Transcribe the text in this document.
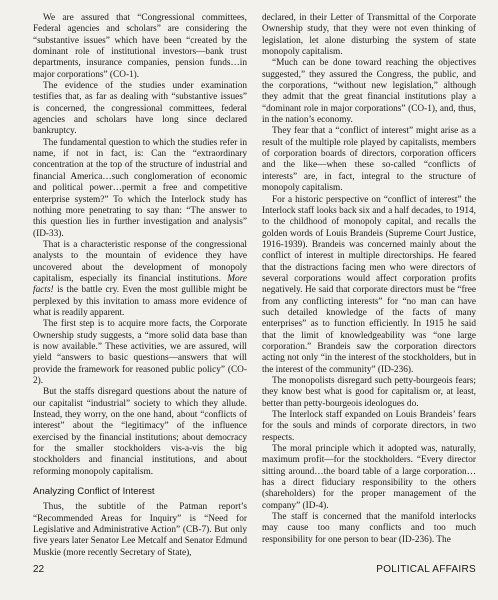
We are assured that “Congressional committees, Federal agencies and scholars” are considering the “substantive issues” which have been “created by the dominant role of institutional investors—bank trust departments, insurance companies, pension funds…in major corporations” (CO-1).

The evidence of the studies under examination testifies that, as far as dealing with “substantive issues” is concerned, the congressional committees, federal agencies and scholars have long since declared bankruptcy.

The fundamental question to which the studies refer in name, if not in fact, is: Can the “extraordinary concentration at the top of the structure of industrial and financial America…such conglomeration of economic and political power…permit a free and competitive enterprise system?” To which the Interlock study has nothing more penetrating to say than: “The answer to this question lies in further investigation and analysis” (ID-33).

That is a characteristic response of the congressional analysts to the mountain of evidence they have uncovered about the development of monopoly capitalism, especially its financial institutions. More facts! is the battle cry. Even the most gullible might be perplexed by this invitation to amass more evidence of what is readily apparent.

The first step is to acquire more facts, the Corporate Ownership study suggests, a “more solid data base than is now available.” These activities, we are assured, will yield “answers to basic questions—answers that will provide the framework for reasoned public policy” (CO-2).

But the staffs disregard questions about the nature of our capitalist “industrial” society to which they allude. Instead, they worry, on the one hand, about “conflicts of interest” about the “legitimacy” of the influence exercised by the financial institutions; about democracy for the smaller stockholders vis-a-vis the big stockholders and financial institutions, and about reforming monopoly capitalism.

Analyzing Conflict of Interest

Thus, the subtitle of the Patman report’s “Recommended Areas for Inquiry” is “Need for Legislative and Administrative Action” (CB-7). But only five years later Senator Lee Metcalf and Senator Edmund Muskie (more recently Secretary of State),

declared, in their Letter of Transmittal of the Corporate Ownership study, that they were not even thinking of legislation, let alone disturbing the system of state monopoly capitalism.

“Much can be done toward reaching the objectives suggested,” they assured the Congress, the public, and the corporations, “without new legislation,” although they admit that the great financial institutions play a “dominant role in major corporations” (CO-1), and, thus, in the nation’s economy.

They fear that a “conflict of interest” might arise as a result of the multiple role played by capitalists, members of corporation boards of directors, corporation officers and the like—when these so-called “conflicts of interests” are, in fact, integral to the structure of monopoly capitalism.

For a historic perspective on “conflict of interest” the Interlock staff looks back six and a half decades, to 1914, to the childhood of monopoly capital, and recalls the golden words of Louis Brandeis (Supreme Court Justice, 1916-1939). Brandeis was concerned mainly about the conflict of interest in multiple directorships. He feared that the distractions facing men who were directors of several corporations would affect corporation profits negatively. He said that corporate directors must be “free from any conflicting interests” for “no man can have such detailed knowledge of the facts of many enterprises” as to function efficiently. In 1915 he said that the limit of knowledgeability was “one large corporation.” Brandeis saw the corporation directors acting not only “in the interest of the stockholders, but in the interest of the community” (ID-236).

The monopolists disregard such petty-bourgeois fears; they know best what is good for capitalism or, at least, better than petty-bourgeois ideologues do.

The Interlock staff expanded on Louis Brandeis’ fears for the souls and minds of corporate directors, in two respects.

The moral principle which it adopted was, naturally, maximum profit—for the stockholders. “Every director sitting around…the board table of a large corporation…has a direct fiduciary responsibility to the others (shareholders) for the proper management of the company” (ID-4).

The staff is concerned that the manifold interlocks may cause too many conflicts and too much responsibility for one person to bear (ID-236). The

22	POLITICAL AFFAIRS
